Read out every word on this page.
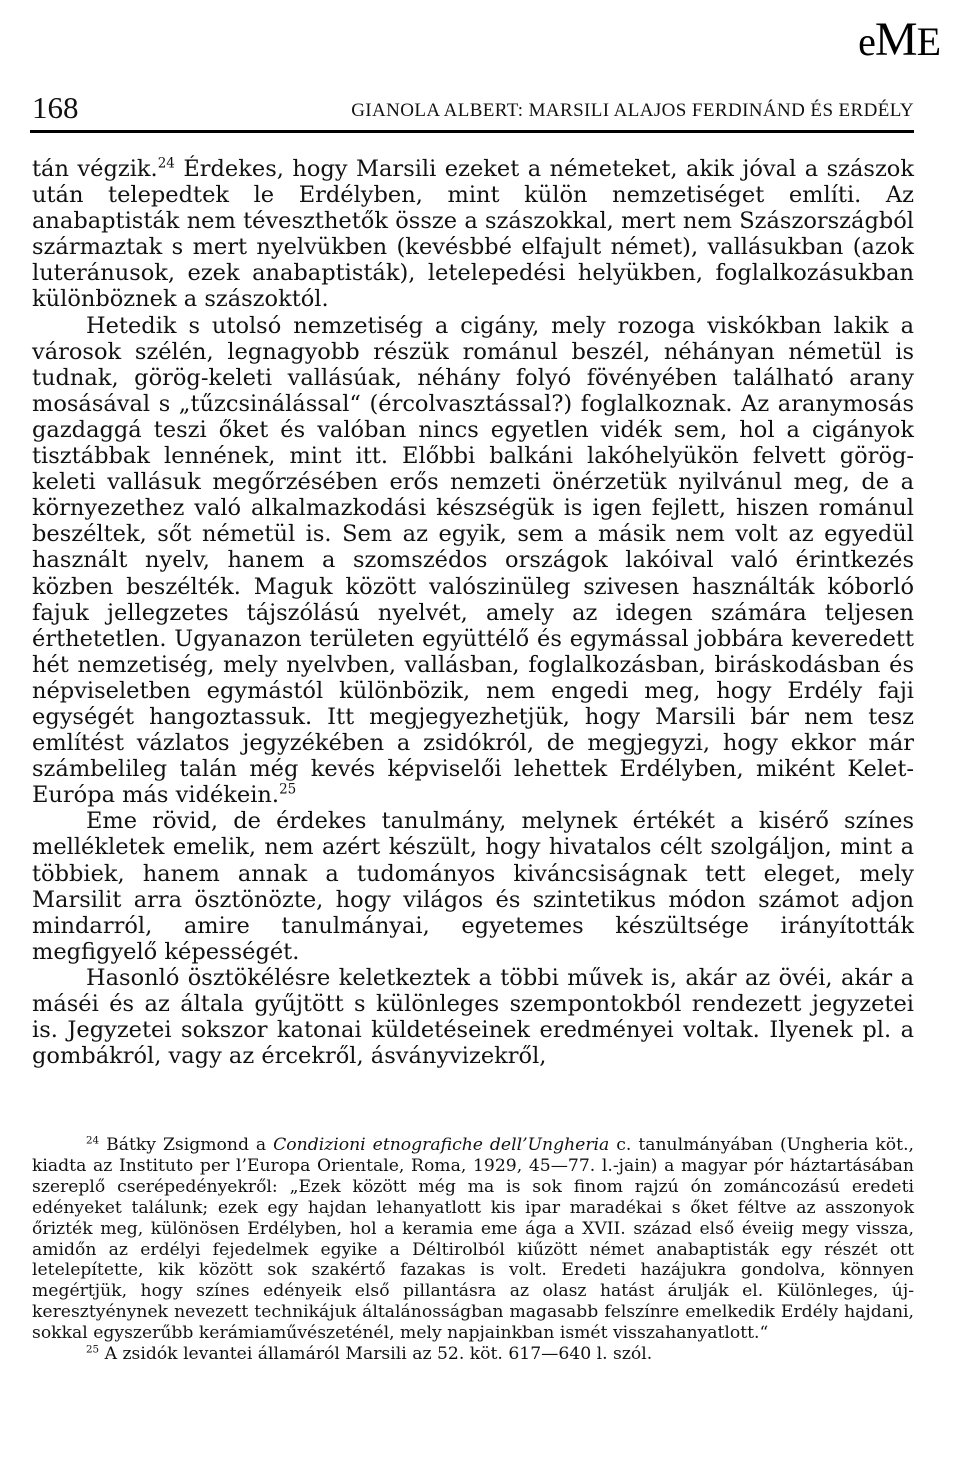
eME
168	GIANOLA ALBERT: MARSILI ALAJOS FERDINÁND ÉS ERDÉLY

tán végzik.$^{24}$ Érdekes, hogy Marsili ezeket a németeket, akik jóval a szászok után telepedtek le Erdélyben, mint külön nemzetiséget említi. Az anabaptisták nem téveszthetők össze a szászokkal, mert nem Szászországból származtak s mert nyelvükben (kevésbbé elfajult német), vallásukban (azok luteránusok, ezek anabaptisták), letelepedési helyükben, foglalkozásukban különböznek a szászoktól.

Hetedik s utolsó nemzetiség a cigány, mely rozoga viskókban lakik a városok szélén, legnagyobb részük románul beszél, néhányan németül is tudnak, görög-keleti vallásúak, néhány folyó fövényében található arany mosásával s „tűzcsinálással“ (ércolvasztással?) foglalkoznak. Az aranymosás gazdaggá teszi őket és valóban nincs egyetlen vidék sem, hol a cigányok tisztábbak lennének, mint itt. Előbbi balkáni lakóhelyükön felvett görög-keleti vallásuk megőrzésében erős nemzeti önérzetük nyilvánul meg, de a környezethez való alkalmazkodási készségük is igen fejlett, hiszen románul beszéltek, sőt németül is. Sem az egyik, sem a másik nem volt az egyedül használt nyelv, hanem a szomszédos országok lakóival való érintkezés közben beszélték. Maguk között valószinüleg szivesen használták kóborló fajuk jellegzetes tájszólású nyelvét, amely az idegen számára teljesen érthetetlen. Ugyanazon területen együttélő és egymással jobbára keveredett hét nemzetiség, mely nyelvben, vallásban, foglalkozásban, biráskodásban és népviseletben egymástól különbözik, nem engedi meg, hogy Erdély faji egységét hangoztassuk. Itt megjegyezhetjük, hogy Marsili bár nem tesz említést vázlatos jegyzékében a zsidókról, de megjegyzi, hogy ekkor már számbelileg talán még kevés képviselői lehettek Erdélyben, miként Kelet-Európa más vidékein.$^{25}$

Eme rövid, de érdekes tanulmány, melynek értékét a kisérő színes mellékletek emelik, nem azért készült, hogy hivatalos célt szolgáljon, mint a többiek, hanem annak a tudományos kiváncsiságnak tett eleget, mely Marsilit arra ösztönözte, hogy világos és szintetikus módon számot adjon mindarról, amire tanulmányai, egyetemes készültsége irányították megfigyelő képességét.

Hasonló ösztökélésre keletkeztek a többi művek is, akár az övéi, akár a máséi és az általa gyűjtött s különleges szempontokból rendezett jegyzetei is. Jegyzetei sokszor katonai küldetéseinek eredményei voltak. Ilyenek pl. a gombákról, vagy az ércekről, ásványvizekről,

$^{24}$ Bátky Zsigmond a Condizioni etnografiche dell’Ungheria c. tanulmányában (Ungheria köt., kiadta az Instituto per l’Europa Orientale, Roma, 1929, 45—77. l.-jain) a magyar pór háztartásában szereplő cserépedényekről: „Ezek között még ma is sok finom rajzú ón zománcozású eredeti edényeket találunk; ezek egy hajdan lehanyatlott kis ipar maradékai s őket féltve az asszonyok őrizték meg, különösen Erdélyben, hol a keramia eme ága a XVII. század első éveiig megy vissza, amidőn az erdélyi fejedelmek egyike a Déltirolból kiűzött német anabaptisták egy részét ott letelepítette, kik között sok szakértő fazakas is volt. Eredeti hazájukra gondolva, könnyen megértjük, hogy színes edényeik első pillantásra az olasz hatást árulják el. Különleges, újkeresztyénynek nevezett technikájuk általánosságban magasabb felszínre emelkedik Erdély hajdani, sokkal egyszerűbb kerámiaművészeténél, mely napjainkban ismét visszahanyatlott.“

$^{25}$ A zsidók levantei államáról Marsili az 52. köt. 617—640 l. szól.
